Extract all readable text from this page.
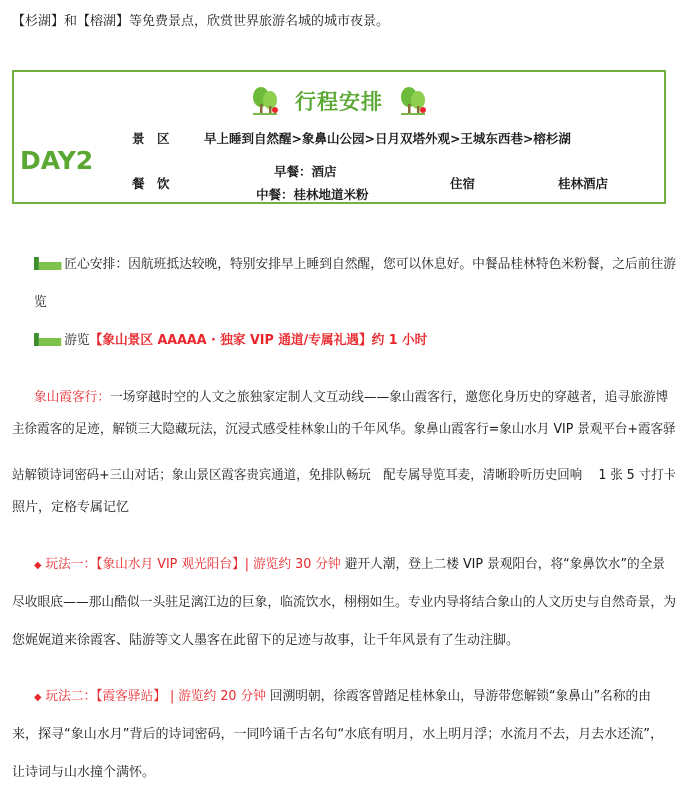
【杉湖】和【榕湖】等免费景点，欣赏世界旅游名城的城市夜景。
行程安排
DAY2
景　区	早上睡到自然醒>象鼻山公园>日月双塔外观>王城东西巷>榕杉湖
餐　饮
早餐：酒店
中餐：桂林地道米粉
住宿	桂林酒店
匠心安排：因航班抵达较晚，特别安排早上睡到自然醒，您可以休息好。中餐品桂林特色米粉餐，之后前往游
览
游览【象山景区 AAAAA · 独家 VIP 通道/专属礼遇】约 1 小时
象山霞客行：一场穿越时空的人文之旅独家定制人文互动线——象山霞客行，邀您化身历史的穿越者，追寻旅游博
主徐霞客的足迹，解锁三大隐藏玩法，沉浸式感受桂林象山的千年风华。象鼻山霞客行=象山水月 VIP 景观平台+霞客驿
站解锁诗词密码+三山对话；象山景区霞客贵宾通道，免排队畅玩　配专属导览耳麦，清晰聆听历史回响　 1 张 5 寸打卡
照片，定格专属记忆
◆ 玩法一：【象山水月 VIP 观光阳台】| 游览约 30 分钟 避开人潮，登上二楼 VIP 景观阳台，将“象鼻饮水”的全景
尽收眼底——那山酷似一头驻足漓江边的巨象，临流饮水，栩栩如生。专业内导将结合象山的人文历史与自然奇景，为
您娓娓道来徐霞客、陆游等文人墨客在此留下的足迹与故事，让千年风景有了生动注脚。
◆ 玩法二：【霞客驿站】 | 游览约 20 分钟 回溯明朝，徐霞客曾踏足桂林象山，导游带您解锁“象鼻山”名称的由
来，探寻“象山水月”背后的诗词密码，一同吟诵千古名句“水底有明月，水上明月浮；水流月不去，月去水还流”，
让诗词与山水撞个满怀。
